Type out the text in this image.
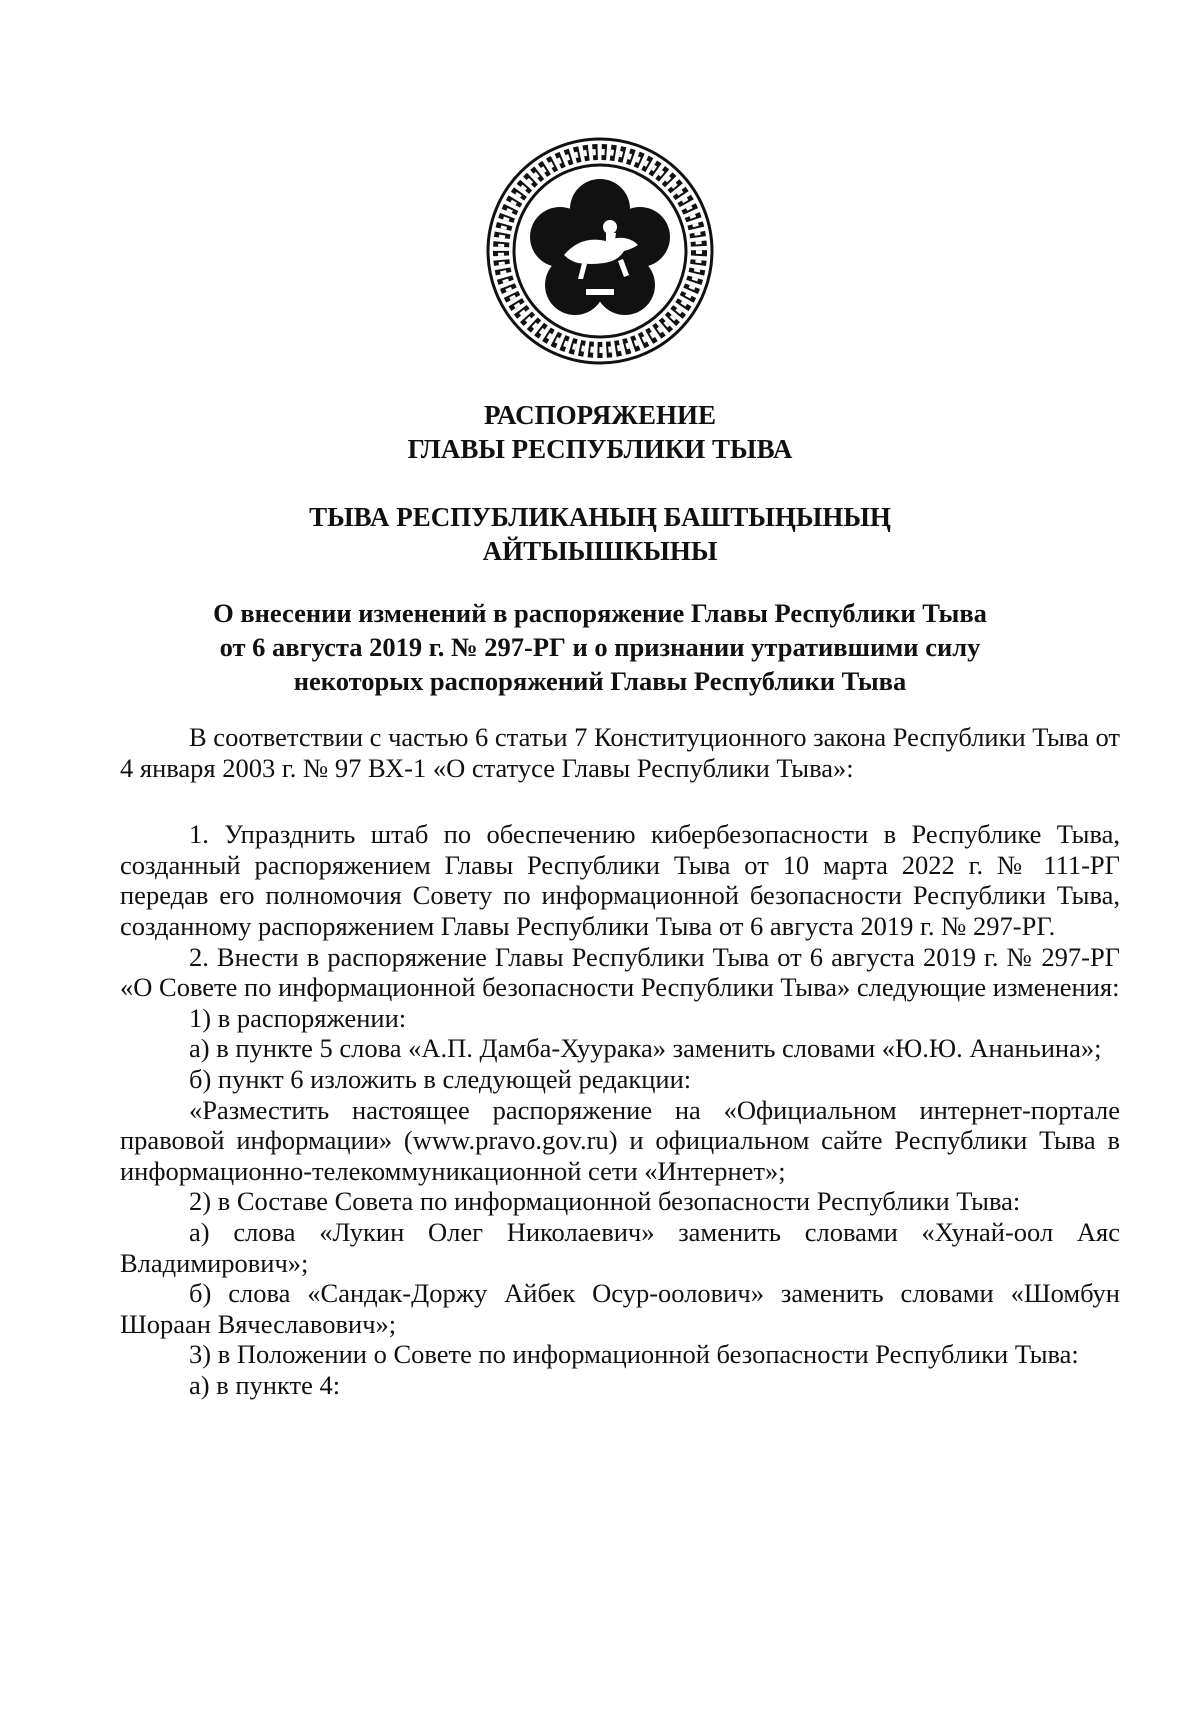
РАСПОРЯЖЕНИЕ
ГЛАВЫ РЕСПУБЛИКИ ТЫВА
ТЫВА РЕСПУБЛИКАНЫҢ БАШТЫҢЫНЫҢ
АЙТЫЫШКЫНЫ
О внесении изменений в распоряжение Главы Республики Тыва
от 6 августа 2019 г. № 297-РГ и о признании утратившими силу
некоторых распоряжений Главы Республики Тыва

В соответствии с частью 6 статьи 7 Конституционного закона Республики Тыва от 4 января 2003 г. № 97 ВХ-1 «О статусе Главы Республики Тыва»:

1. Упразднить штаб по обеспечению кибербезопасности в Республике Тыва, созданный распоряжением Главы Республики Тыва от 10 марта 2022 г. № 111-РГ передав его полномочия Совету по информационной безопасности Республики Тыва, созданному распоряжением Главы Республики Тыва от 6 августа 2019 г. № 297-РГ.

2. Внести в распоряжение Главы Республики Тыва от 6 августа 2019 г. № 297-РГ «О Совете по информационной безопасности Республики Тыва» следующие изменения:

1) в распоряжении:

а) в пункте 5 слова «А.П. Дамба-Хуурака» заменить словами «Ю.Ю. Ананьина»;

б) пункт 6 изложить в следующей редакции:

«Разместить настоящее распоряжение на «Официальном интернет-портале правовой информации» (www.pravo.gov.ru) и официальном сайте Республики Тыва в информационно-телекоммуникационной сети «Интернет»;

2) в Составе Совета по информационной безопасности Республики Тыва:

а) слова «Лукин Олег Николаевич» заменить словами «Хунай-оол Аяс Владимирович»;

б) слова «Сандак-Доржу Айбек Осур-оолович» заменить словами «Шомбун Шораан Вячеславович»;

3) в Положении о Совете по информационной безопасности Республики Тыва:

а) в пункте 4:
